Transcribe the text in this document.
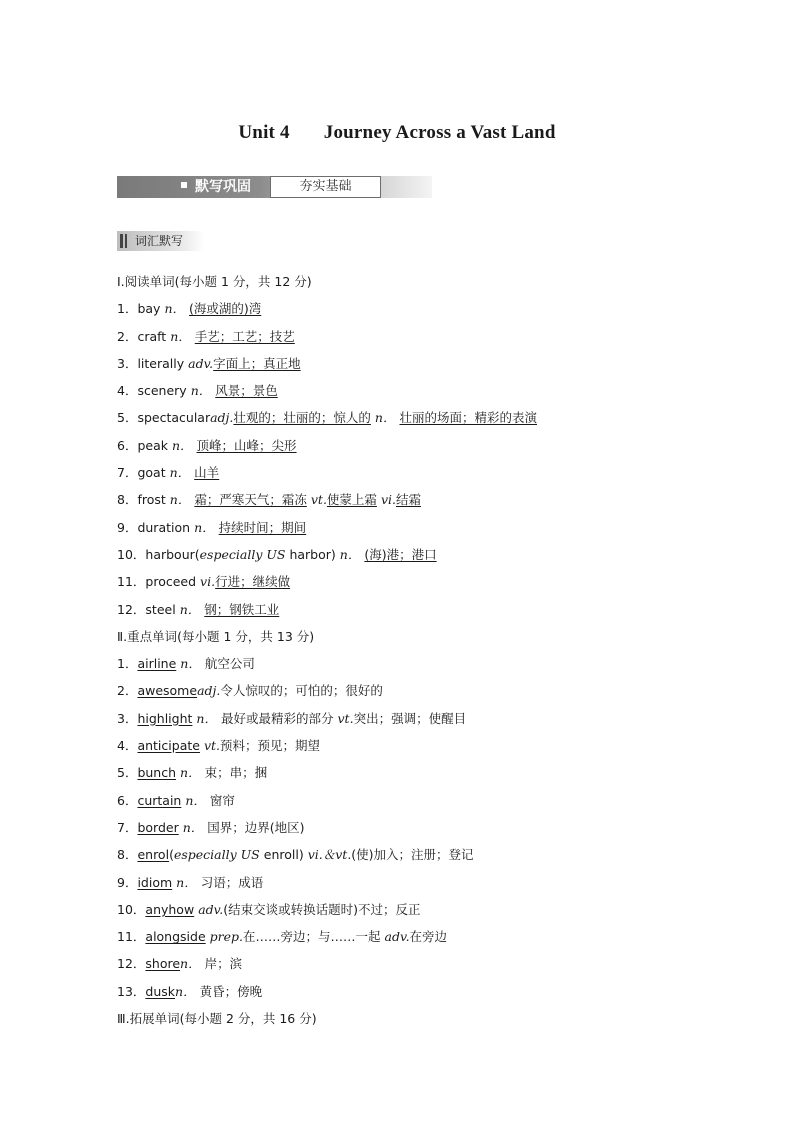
Unit 4 Journey Across a Vast Land
默写巩固	夯实基础
词汇默写
Ⅰ.阅读单词(每小题 1 分，共 12 分)
1．bay n． (海或湖的)湾
2．craft n． 手艺；工艺；技艺
3．literally adv.字面上；真正地
4．scenery n． 风景；景色
5．spectacularadj.壮观的；壮丽的；惊人的 n． 壮丽的场面；精彩的表演
6．peak n． 顶峰；山峰；尖形
7．goat n． 山羊
8．frost n． 霜；严寒天气；霜冻 vt.使蒙上霜 vi.结霜
9．duration n． 持续时间；期间
10．harbour(especially US harbor) n． (海)港；港口
11．proceed vi.行进；继续做
12．steel n． 钢；钢铁工业
Ⅱ.重点单词(每小题 1 分，共 13 分)
1．airline n． 航空公司
2．awesomeadj.令人惊叹的；可怕的；很好的
3．highlight n． 最好或最精彩的部分 vt.突出；强调；使醒目
4．anticipate vt.预料；预见；期望
5．bunch n． 束；串；捆
6．curtain n． 窗帘
7．border n． 国界；边界(地区)
8．enrol(especially US enroll) vi.＆vt.(使)加入；注册；登记
9．idiom n． 习语；成语
10．anyhow adv.(结束交谈或转换话题时)不过；反正
11．alongside prep.在……旁边；与……一起 adv.在旁边
12．shoren． 岸；滨
13．duskn． 黄昏；傍晚
Ⅲ.拓展单词(每小题 2 分，共 16 分)
